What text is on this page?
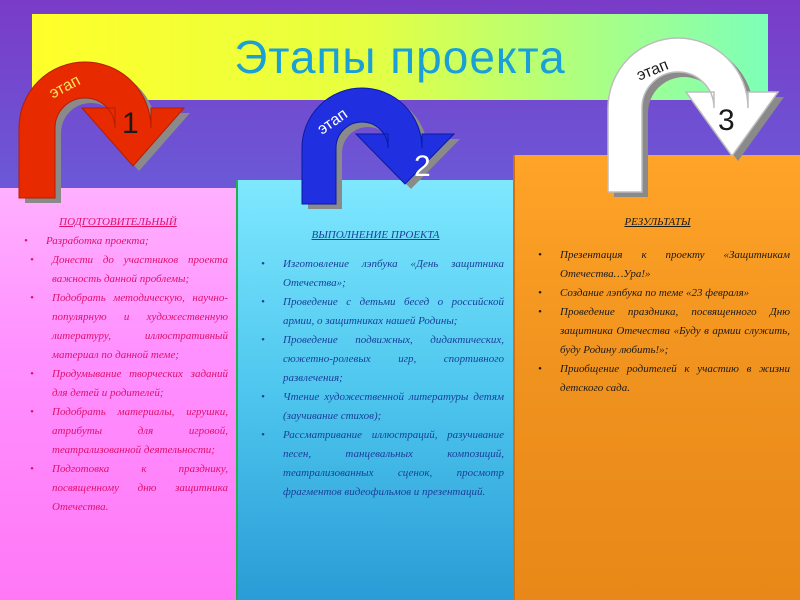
Этапы проекта
ПОДГОТОВИТЕЛЬНЫЙ
• Разработка проекта;
• Донести до участников проекта важность данной проблемы;
• Подобрать методическую, научно-популярную и художественную литературу, иллюстративный материал по данной теме;
• Продумывание творческих заданий для детей и родителей;
• Подобрать материалы, игрушки, атрибуты для игровой, театрализованной деятельности;
• Подготовка к празднику, посвященному дню защитника Отечества.
ВЫПОЛНЕНИЕ ПРОЕКТА
• Изготовление лэпбука «День защитника Отечества»;
• Проведение с детьми бесед о российской армии, о защитниках нашей Родины;
• Проведение подвижных, дидактических, сюжетно-ролевых игр, спортивного развлечения;
• Чтение художественной литературы детям (заучивание стихов);
• Рассматривание иллюстраций, разучивание песен, танцевальных композиций, театрализованных сценок, просмотр фрагментов видеофильмов и презентаций.
РЕЗУЛЬТАТЫ
• Презентация к проекту «Защитникам Отечества…Ура!»
• Создание лэпбука по теме «23 февраля»
• Проведение праздника, посвященного Дню защитника Отечества «Буду в армии служить, буду Родину любить!»;
• Приобщение родителей к участию в жизни детского сада.
этап
1	этап
2
этап
3
